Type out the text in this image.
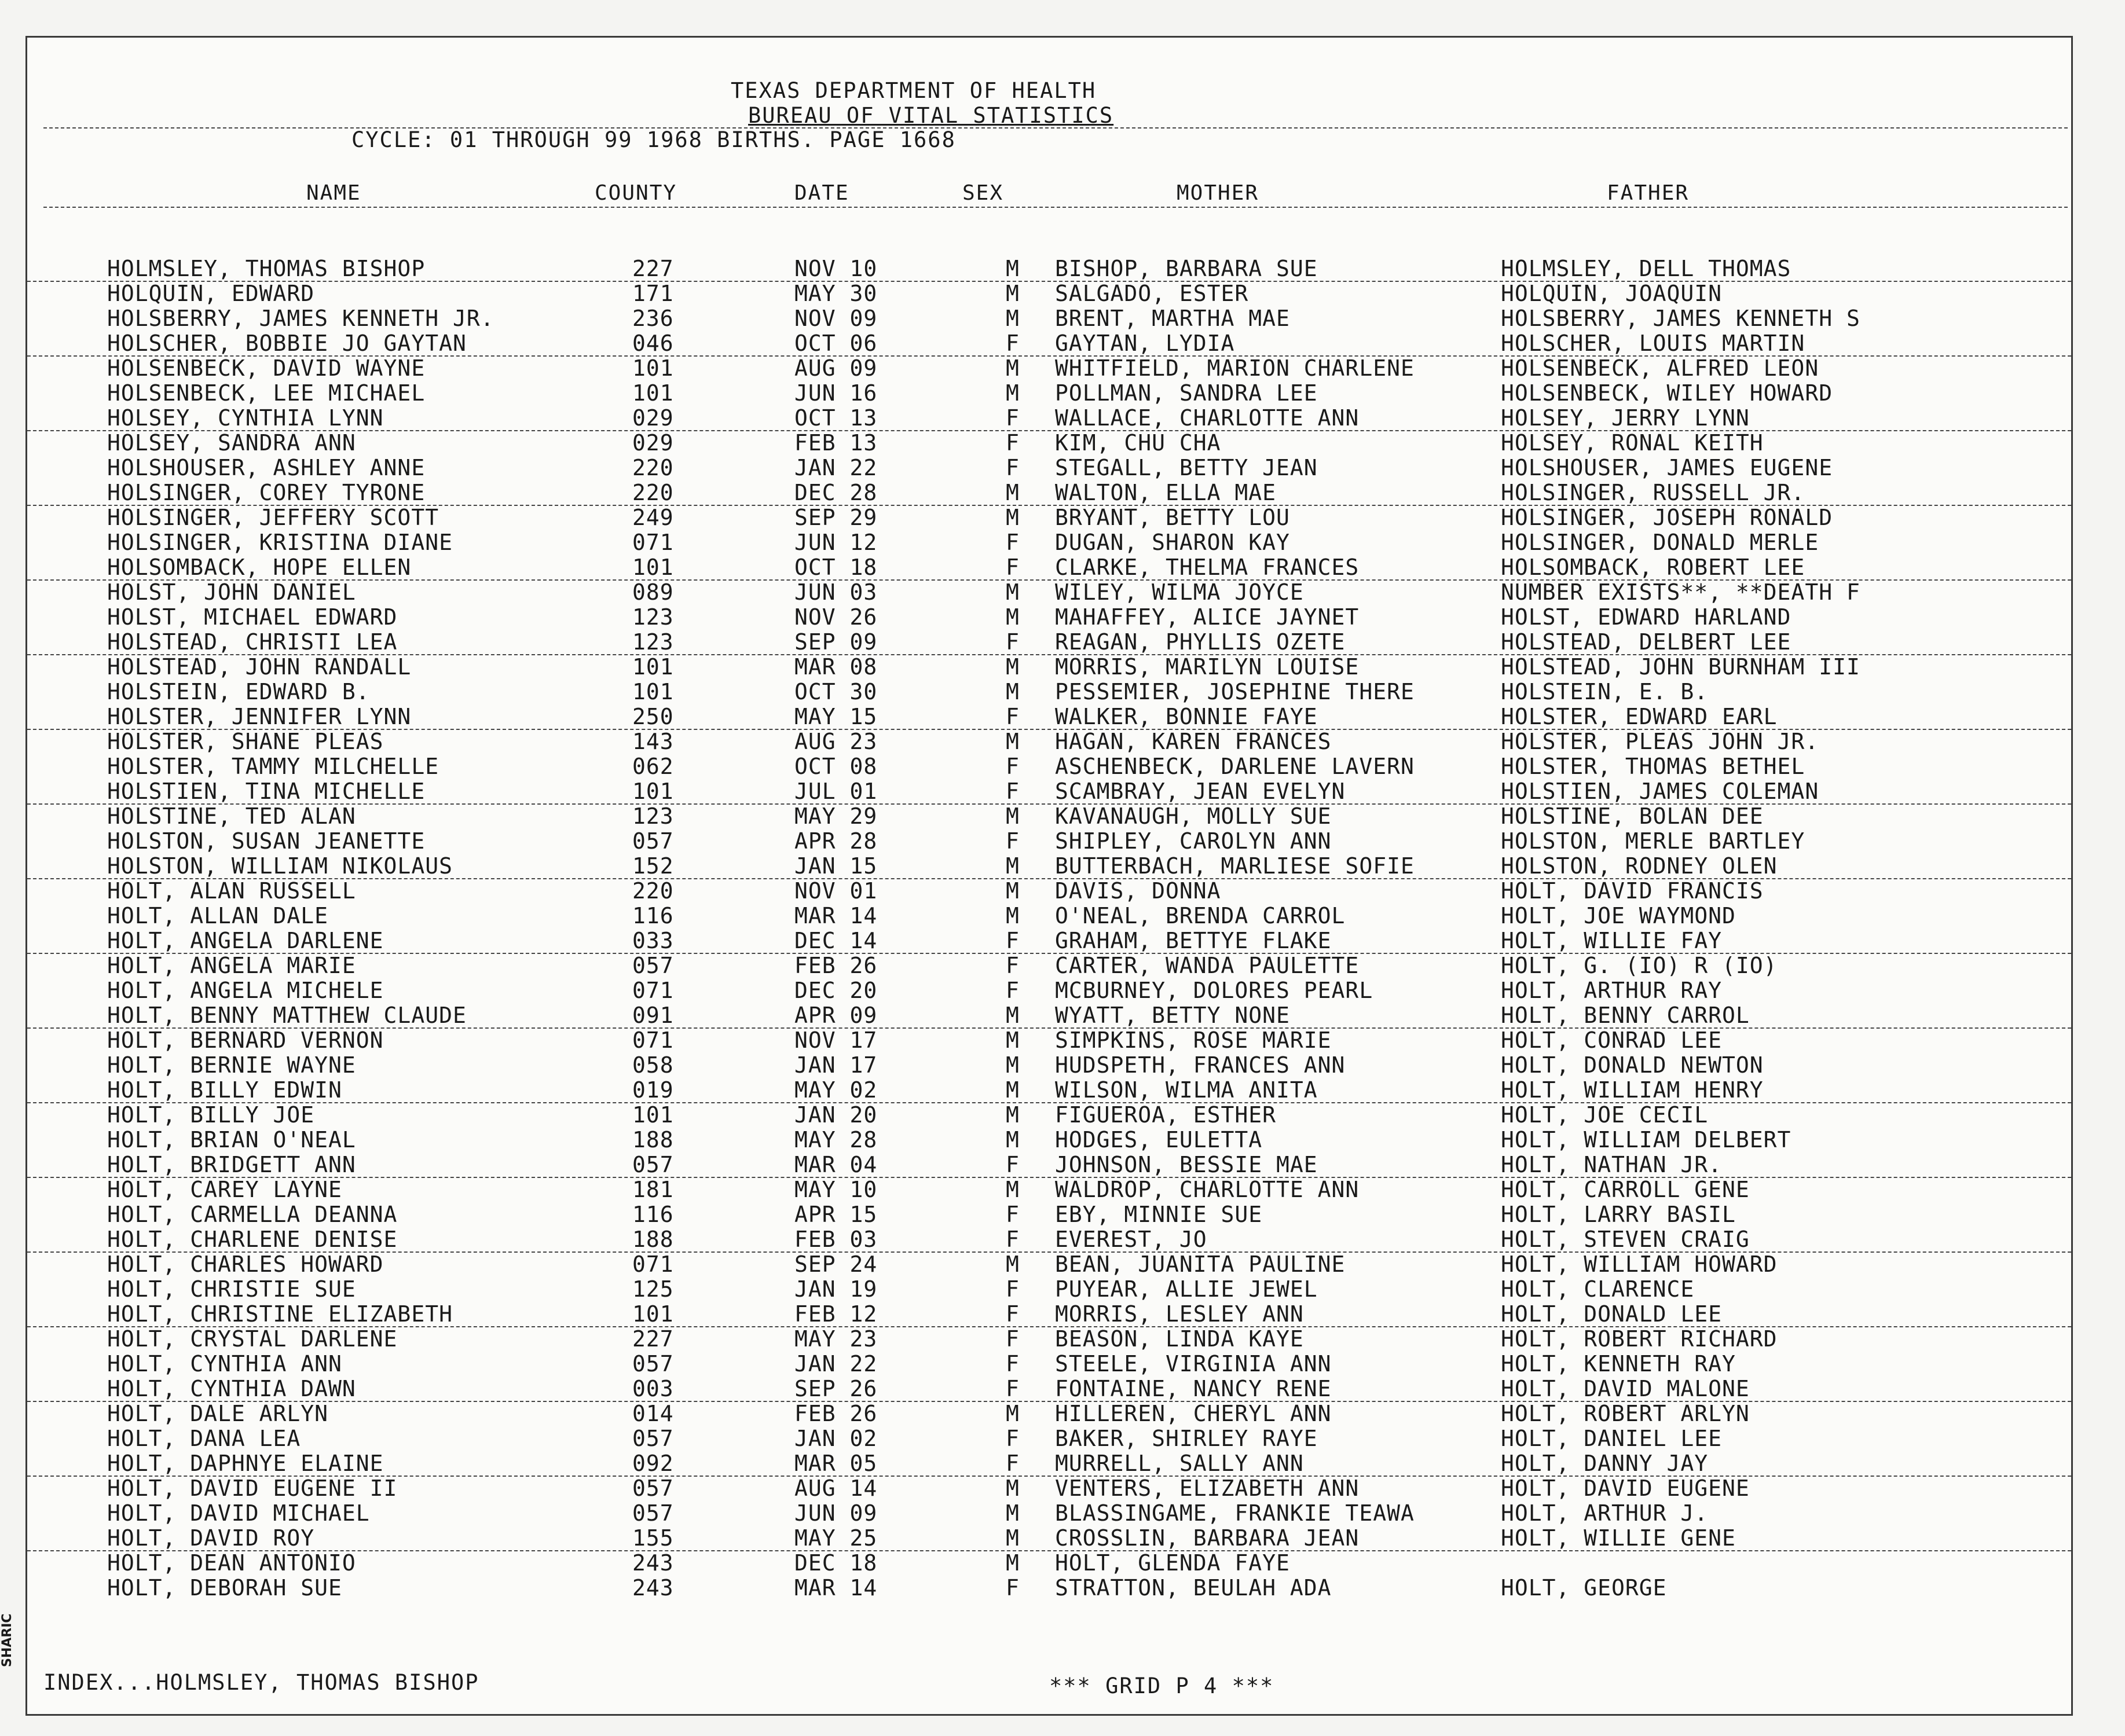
TEXAS DEPARTMENT OF HEALTH
BUREAU OF VITAL STATISTICS
CYCLE: 01 THROUGH 99 1968 BIRTHS. PAGE 1668
NAME	COUNTY	DATE	SEX	MOTHER	FATHER
HOLMSLEY, THOMAS BISHOP	227	NOV 10	M BISHOP, BARBARA SUE	HOLMSLEY, DELL THOMAS
HOLQUIN, EDWARD	171	MAY 30	M SALGADO, ESTER	HOLQUIN, JOAQUIN
HOLSBERRY, JAMES KENNETH JR.	236	NOV 09	M BRENT, MARTHA MAE	HOLSBERRY, JAMES KENNETH S
HOLSCHER, BOBBIE JO GAYTAN	046	OCT 06	F GAYTAN, LYDIA	HOLSCHER, LOUIS MARTIN
HOLSENBECK, DAVID WAYNE	101	AUG 09	M WHITFIELD, MARION CHARLENE	HOLSENBECK, ALFRED LEON
HOLSENBECK, LEE MICHAEL	101	JUN 16	M POLLMAN, SANDRA LEE	HOLSENBECK, WILEY HOWARD
HOLSEY, CYNTHIA LYNN	029	OCT 13	F WALLACE, CHARLOTTE ANN	HOLSEY, JERRY LYNN
HOLSEY, SANDRA ANN	029	FEB 13	F KIM, CHU CHA	HOLSEY, RONAL KEITH
HOLSHOUSER, ASHLEY ANNE	220	JAN 22	F STEGALL, BETTY JEAN	HOLSHOUSER, JAMES EUGENE
HOLSINGER, COREY TYRONE	220	DEC 28	M WALTON, ELLA MAE	HOLSINGER, RUSSELL JR.
HOLSINGER, JEFFERY SCOTT	249	SEP 29	M BRYANT, BETTY LOU	HOLSINGER, JOSEPH RONALD
HOLSINGER, KRISTINA DIANE	071	JUN 12	F DUGAN, SHARON KAY	HOLSINGER, DONALD MERLE
HOLSOMBACK, HOPE ELLEN	101	OCT 18	F CLARKE, THELMA FRANCES	HOLSOMBACK, ROBERT LEE
HOLST, JOHN DANIEL	089	JUN 03	M WILEY, WILMA JOYCE	NUMBER EXISTS**, **DEATH F
HOLST, MICHAEL EDWARD	123	NOV 26	M MAHAFFEY, ALICE JAYNET	HOLST, EDWARD HARLAND
HOLSTEAD, CHRISTI LEA	123	SEP 09	F REAGAN, PHYLLIS OZETE	HOLSTEAD, DELBERT LEE
HOLSTEAD, JOHN RANDALL	101	MAR 08	M MORRIS, MARILYN LOUISE	HOLSTEAD, JOHN BURNHAM III
HOLSTEIN, EDWARD B.	101	OCT 30	M PESSEMIER, JOSEPHINE THERE	HOLSTEIN, E. B.
HOLSTER, JENNIFER LYNN	250	MAY 15	F WALKER, BONNIE FAYE	HOLSTER, EDWARD EARL
HOLSTER, SHANE PLEAS	143	AUG 23	M HAGAN, KAREN FRANCES	HOLSTER, PLEAS JOHN JR.
HOLSTER, TAMMY MILCHELLE	062	OCT 08	F ASCHENBECK, DARLENE LAVERN	HOLSTER, THOMAS BETHEL
HOLSTIEN, TINA MICHELLE	101	JUL 01	F SCAMBRAY, JEAN EVELYN	HOLSTIEN, JAMES COLEMAN
HOLSTINE, TED ALAN	123	MAY 29	M KAVANAUGH, MOLLY SUE	HOLSTINE, BOLAN DEE
HOLSTON, SUSAN JEANETTE	057	APR 28	F SHIPLEY, CAROLYN ANN	HOLSTON, MERLE BARTLEY
HOLSTON, WILLIAM NIKOLAUS	152	JAN 15	M BUTTERBACH, MARLIESE SOFIE	HOLSTON, RODNEY OLEN
HOLT, ALAN RUSSELL	220	NOV 01	M DAVIS, DONNA	HOLT, DAVID FRANCIS
HOLT, ALLAN DALE	116	MAR 14	M O'NEAL, BRENDA CARROL	HOLT, JOE WAYMOND
HOLT, ANGELA DARLENE	033	DEC 14	F GRAHAM, BETTYE FLAKE	HOLT, WILLIE FAY
HOLT, ANGELA MARIE	057	FEB 26	F CARTER, WANDA PAULETTE	HOLT, G. (IO) R (IO)
HOLT, ANGELA MICHELE	071	DEC 20	F MCBURNEY, DOLORES PEARL	HOLT, ARTHUR RAY
HOLT, BENNY MATTHEW CLAUDE	091	APR 09	M WYATT, BETTY NONE	HOLT, BENNY CARROL
HOLT, BERNARD VERNON	071	NOV 17	M SIMPKINS, ROSE MARIE	HOLT, CONRAD LEE
HOLT, BERNIE WAYNE	058	JAN 17	M HUDSPETH, FRANCES ANN	HOLT, DONALD NEWTON
HOLT, BILLY EDWIN	019	MAY 02	M WILSON, WILMA ANITA	HOLT, WILLIAM HENRY
HOLT, BILLY JOE	101	JAN 20	M FIGUEROA, ESTHER	HOLT, JOE CECIL
HOLT, BRIAN O'NEAL	188	MAY 28	M HODGES, EULETTA	HOLT, WILLIAM DELBERT
HOLT, BRIDGETT ANN	057	MAR 04	F JOHNSON, BESSIE MAE	HOLT, NATHAN JR.
HOLT, CAREY LAYNE	181	MAY 10	M WALDROP, CHARLOTTE ANN	HOLT, CARROLL GENE
HOLT, CARMELLA DEANNA	116	APR 15	F EBY, MINNIE SUE	HOLT, LARRY BASIL
HOLT, CHARLENE DENISE	188	FEB 03	F EVEREST, JO	HOLT, STEVEN CRAIG
HOLT, CHARLES HOWARD	071	SEP 24	M BEAN, JUANITA PAULINE	HOLT, WILLIAM HOWARD
HOLT, CHRISTIE SUE	125	JAN 19	F PUYEAR, ALLIE JEWEL	HOLT, CLARENCE
HOLT, CHRISTINE ELIZABETH	101	FEB 12	F MORRIS, LESLEY ANN	HOLT, DONALD LEE
HOLT, CRYSTAL DARLENE	227	MAY 23	F BEASON, LINDA KAYE	HOLT, ROBERT RICHARD
HOLT, CYNTHIA ANN	057	JAN 22	F STEELE, VIRGINIA ANN	HOLT, KENNETH RAY
HOLT, CYNTHIA DAWN	003	SEP 26	F FONTAINE, NANCY RENE	HOLT, DAVID MALONE
HOLT, DALE ARLYN	014	FEB 26	M HILLEREN, CHERYL ANN	HOLT, ROBERT ARLYN
HOLT, DANA LEA	057	JAN 02	F BAKER, SHIRLEY RAYE	HOLT, DANIEL LEE
HOLT, DAPHNYE ELAINE	092	MAR 05	F MURRELL, SALLY ANN	HOLT, DANNY JAY
HOLT, DAVID EUGENE II	057	AUG 14	M VENTERS, ELIZABETH ANN	HOLT, DAVID EUGENE
HOLT, DAVID MICHAEL	057	JUN 09	M BLASSINGAME, FRANKIE TEAWA	HOLT, ARTHUR J.
HOLT, DAVID ROY	155	MAY 25	M CROSSLIN, BARBARA JEAN	HOLT, WILLIE GENE
HOLT, DEAN ANTONIO	243	DEC 18	M HOLT, GLENDA FAYE
HOLT, DEBORAH SUE	243	MAR 14	F STRATTON, BEULAH ADA	HOLT, GEORGE
INDEX...HOLMSLEY, THOMAS BISHOP	*** GRID P 4 ***
SHARIC
